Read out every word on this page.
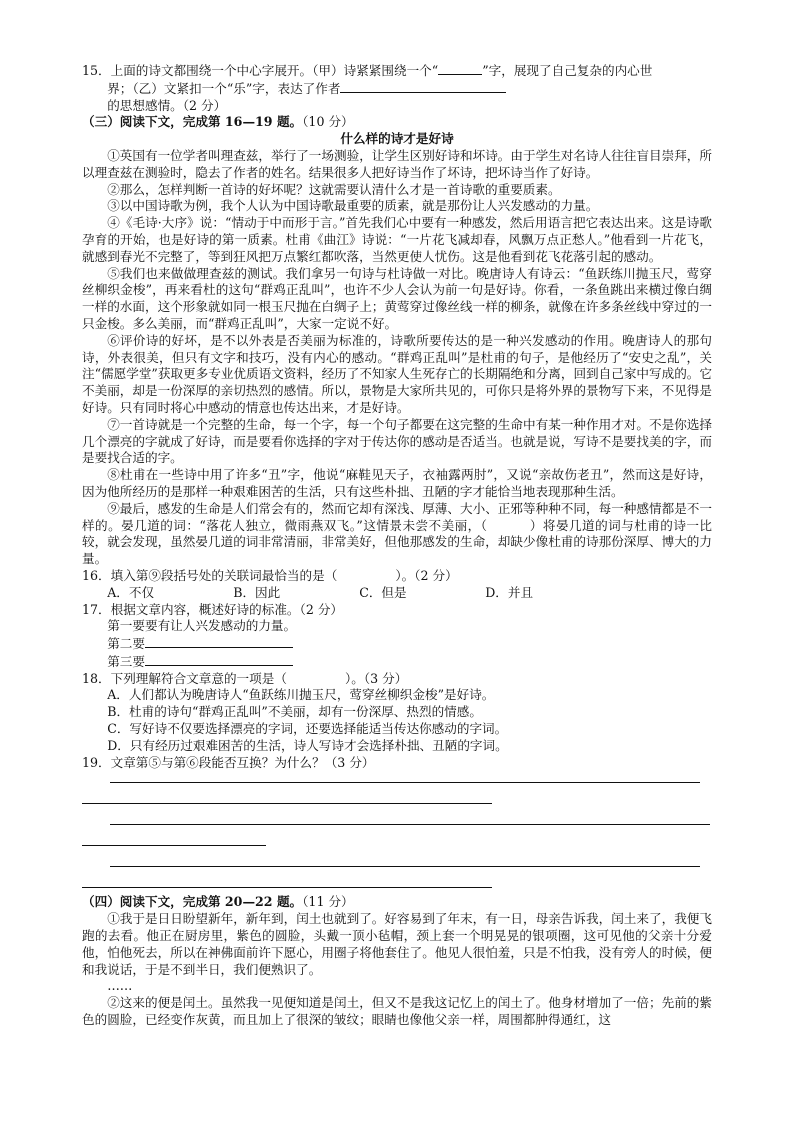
15．上面的诗文都围绕一个中心字展开。（甲）诗紧紧围绕一个“	”字，展现了自己复杂的内心世

界；（乙）文紧扣一个“乐”字，表达了作者

的思想感情。（2 分）

（三）阅读下文，完成第 16—19 题。（10 分）

什么样的诗才是好诗

①英国有一位学者叫理查兹，举行了一场测验，让学生区别好诗和坏诗。由于学生对名诗人往往盲目崇拜，所以理查兹在测验时，隐去了作者的姓名。结果很多人把好诗当作了坏诗，把坏诗当作了好诗。

②那么，怎样判断一首诗的好坏呢？这就需要认清什么才是一首诗歌的重要质素。

③以中国诗歌为例，我个人认为中国诗歌最重要的质素，就是那份让人兴发感动的力量。

④《毛诗·大序》说：“情动于中而形于言。”首先我们心中要有一种感发，然后用语言把它表达出来。这是诗歌孕育的开始，也是好诗的第一质素。杜甫《曲江》诗说：“一片花飞减却春，风飘万点正愁人。”他看到一片花飞，就感到春光不完整了，等到狂风把万点繁红都吹落，当然更使人忧伤。这是他看到花飞花落引起的感动。

⑤我们也来做做理查兹的测试。我们拿另一句诗与杜诗做一对比。晚唐诗人有诗云：“鱼跃练川抛玉尺，莺穿丝柳织金梭”，再来看杜的这句“群鸡正乱叫”，也许不少人会认为前一句是好诗。你看，一条鱼跳出来横过像白绸一样的水面，这个形象就如同一根玉尺抛在白绸子上；黄莺穿过像丝线一样的柳条，就像在许多条丝线中穿过的一只金梭。多么美丽，而“群鸡正乱叫”，大家一定说不好。

⑥评价诗的好坏，是不以外表是否美丽为标准的，诗歌所要传达的是一种兴发感动的作用。晚唐诗人的那句诗，外表很美，但只有文字和技巧，没有内心的感动。“群鸡正乱叫”是杜甫的句子，是他经历了“安史之乱”，关注“儒愿学堂”获取更多专业优质语文资料，经历了不知家人生死存亡的长期隔绝和分离，回到自己家中写成的。它不美丽，却是一份深厚的亲切热烈的感情。所以，景物是大家所共见的，可你只是将外界的景物写下来，不见得是好诗。只有同时将心中感动的情意也传达出来，才是好诗。

⑦一首诗就是一个完整的生命，每一个字，每一个句子都要在这完整的生命中有某一种作用才对。不是你选择几个漂亮的字就成了好诗，而是要看你选择的字对于传达你的感动是否适当。也就是说，写诗不是要找美的字，而是要找合适的字。

⑧杜甫在一些诗中用了许多“丑”字，他说“麻鞋见天子，衣袖露两肘”，又说“亲故伤老丑”，然而这是好诗，因为他所经历的是那样一种艰难困苦的生活，只有这些朴拙、丑陋的字才能恰当地表现那种生活。

⑨最后，感发的生命是人们常会有的，然而它却有深浅、厚薄、大小、正邪等种种不同，每一种感情都是不一样的。晏几道的词：“落花人独立，微雨燕双飞。”这情景未尝不美丽，（	）将晏几道的词与杜甫的诗一比较，就会发现，虽然晏几道的词非常清丽，非常美好，但他那感发的生命，却缺少像杜甫的诗那份深厚、博大的力量。

16．填入第⑨段括号处的关联词最恰当的是（	）。（2 分）

A．不仅	B．因此	C．但是	D．并且

17．根据文章内容，概述好诗的标准。（2 分）

第一要要有让人兴发感动的力量。

第二要

第三要

18．下列理解符合文章意的一项是（	）。（3 分）

A．人们都认为晚唐诗人“鱼跃练川抛玉尺，莺穿丝柳织金梭”是好诗。

B．杜甫的诗句“群鸡正乱叫”不美丽，却有一份深厚、热烈的情感。

C．写好诗不仅要选择漂亮的字词，还要选择能适当传达你感动的字词。

D．只有经历过艰难困苦的生活，诗人写诗才会选择朴拙、丑陋的字词。

19．文章第⑤与第⑥段能否互换？为什么？（3 分）

（四）阅读下文，完成第 20—22 题。（11 分）

①我于是日日盼望新年，新年到，闰土也就到了。好容易到了年末，有一日，母亲告诉我，闰土来了，我便飞跑的去看。他正在厨房里，紫色的圆脸，头戴一顶小毡帽，颈上套一个明晃晃的银项圈，这可见他的父亲十分爱他，怕他死去，所以在神佛面前许下愿心，用圈子将他套住了。他见人很怕羞，只是不怕我，没有旁人的时候，便和我说话，于是不到半日，我们便熟识了。

……

②这来的便是闰土。虽然我一见便知道是闰土，但又不是我这记忆上的闰土了。他身材增加了一倍；先前的紫色的圆脸，已经变作灰黄，而且加上了很深的皱纹；眼睛也像他父亲一样，周围都肿得通红，这
